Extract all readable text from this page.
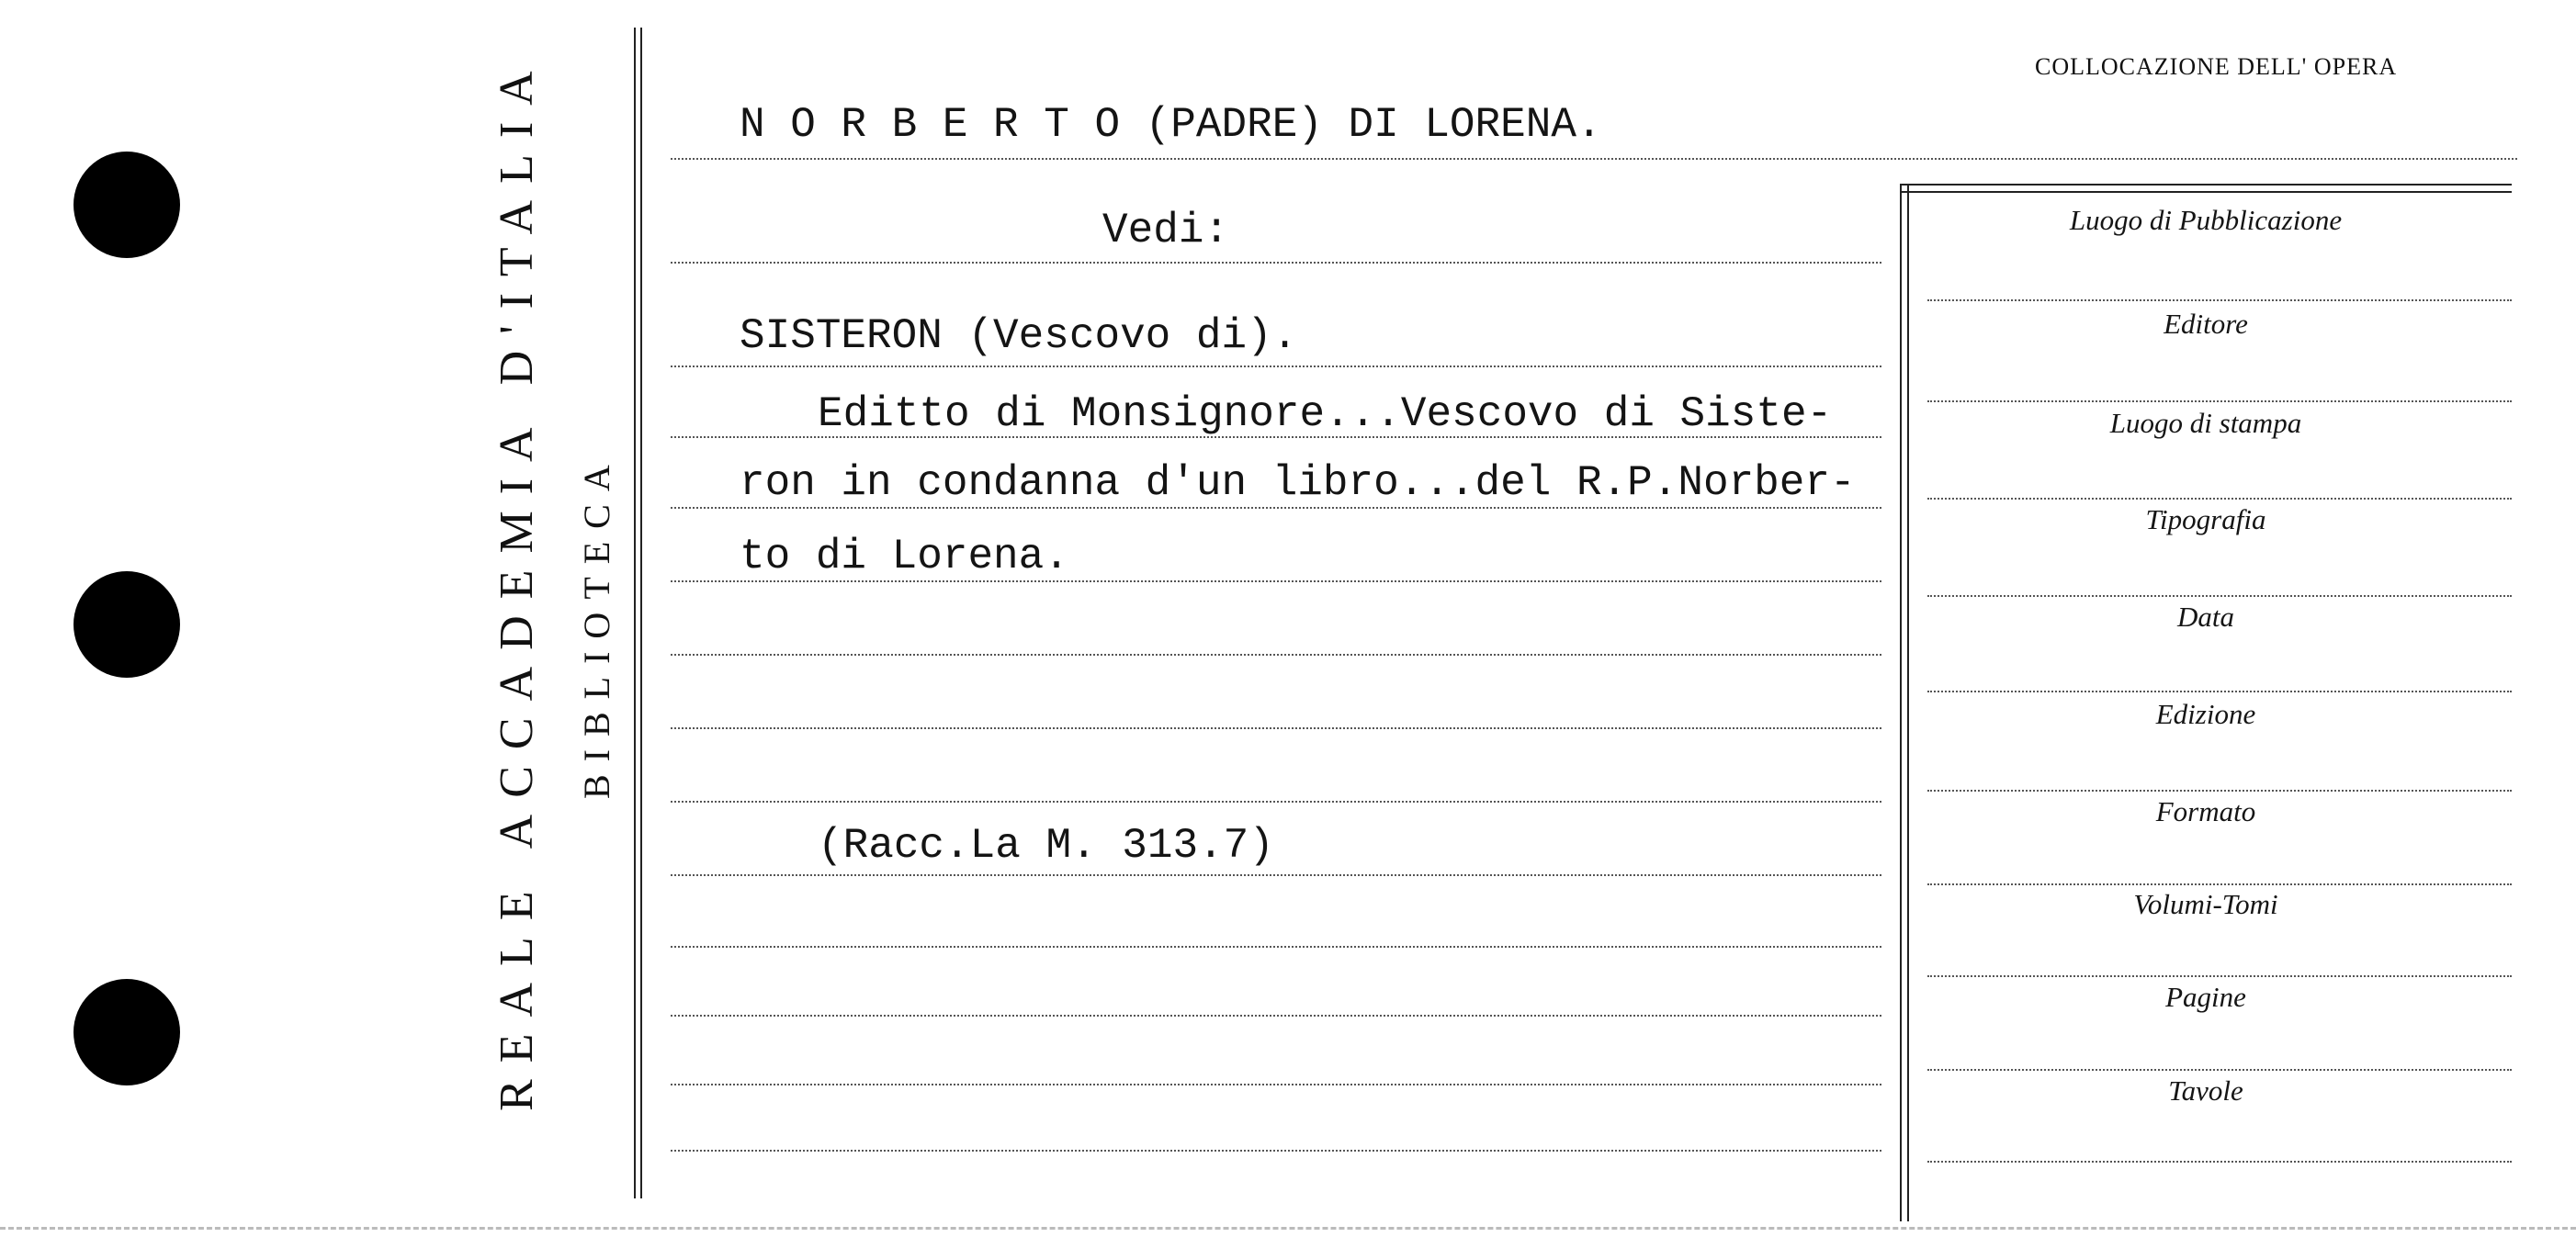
REALE ACCADEMIA D'ITALIA BIBLIOTECA
COLLOCAZIONE DELL' OPERA
N O R B E R T O (PADRE) DI LORENA.
Vedi:
SISTERON (Vescovo di).
Editto di Monsignore...Vescovo di Siste-
ron in condanna d'un libro...del R.P.Norber-
to di Lorena.
(Racc.La M. 313.7)
Luogo di Pubblicazione
Editore
Luogo di stampa
Tipografia
Data
Edizione
Formato
Volumi-Tomi
Pagine
Tavole
